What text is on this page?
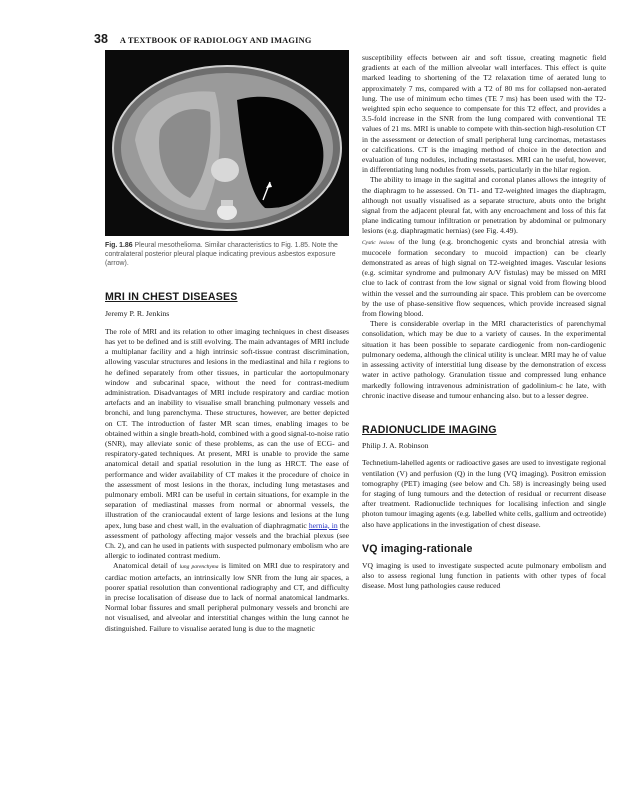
38 A TEXTBOOK OF RADIOLOGY AND IMAGING

Fig. 1.86 Pleural mesothelioma. Similar characteristics to Fig. 1.85. Note the contralateral posterior pleural plaque indicating previous asbestos exposure (arrow).

MRI IN CHEST DISEASES

Jeremy P. R. Jenkins

The role of MRI and its relation to other imaging techniques in chest diseases has yet to be defined and is still evolving. The main advantages of MRI include a multiplanar facility and a high intrinsic soft-tissue contrast discrimination, allowing vascular structures and lesions in the mediastinal and hila r regions to he defined separately from other tissues, in particular the aortopulmonary window and subcarinal space, without the need for contrast-medium administration. Disadvantages of MRI include respiratory and cardiac motion artefacts and an inability to visualise small branching pulmonary vessels and bronchi, and lung parenchyma. These structures, however, are better depicted on CT. The introduction of faster MR scan times, enabling images to be obtained within a single breath-hold, combined with a good signal-to-noise ratio (SNR), may alleviate sonic of these problems, as can the use of ECG- and respiratory-gated techniques. At present, MRI is unable to provide the same anatomical detail and spatial resolution in the lung as HRCT. The ease of performance and wider availability of CT makes it the procedure of choice in the assessment of most lesions in the thorax, including lung metastases and pulmonary emboli. MRI can be useful in certain situations, for example in the separation of mediastinal masses from normal or abnormal vessels, the illustration of the craniocaudal extent of large lesions and lesions at the lung apex, lung base and chest wall, in the evaluation of diaphragmatic hernia, in the assessment of pathology affecting major vessels and the brachial plexus (see Ch. 2), and can he used in patients with suspected pulmonary embolism who are allergic to iodinated contrast medium.

Anatomical detail of lung parenchyma is limited on MRI due to respiratory and cardiac motion artefacts, an intrinsically low SNR from the lung air spaces, a poorer spatial resolution than conventional radiography and CT, and difficulty in precise localisation of disease due to lack of normal anatomical landmarks. Normal lobar fissures and small peripheral pulmonary vessels and bronchi are not visualised, and alveolar and interstitial changes within the lung cannot he distinguished. Failure to visualise aerated lung is due to the magnetic

susceptibility effects between air and soft tissue, creating magnetic field gradients at each of the million alveolar wall interfaces. This effect is quite marked leading to shortening of the T2 relaxation time of aerated lung to approximately 7 ms, compared with a T2 of 80 ms for collapsed non-aerated lung. The use of minimum echo times (TE 7 ms) has been used with the T2-weighted spin echo sequence to compensate for this T2 effect, and provides a 3.5-fold increase in the SNR from the lung compared with conventional TE values of 21 ms. MRI is unable to compete with thin-section high-resolution CT in the assessment or detection of small peripheral lung carcinomas, metastases or calcifications. CT is the imaging method of choice in the detection and evaluation of lung nodules, including metastases. MRI can he useful, however, in differentiating lung nodules from vessels, particularly in the hilar region.

The ability to image in the sagittal and coronal planes allows the integrity of the diaphragm to he assessed. On T1- and T2-weighted images the diaphragm, although not usually visualised as a separate structure, abuts onto the bright signal from the adjacent pleural fat, with any encroachment and loss of this fat plane indicating tumour infiltration or penetration by abdominal or pulmonary lesions (e.g. diaphragmatic hernias) (see Fig. 4.49).

Cystic lesions of the lung (e.g. bronchogenic cysts and bronchial atresia with mucocele formation secondary to mucoid impaction) can be clearly demonstrated as areas of high signal on T2-weighted images. Vascular lesions (e.g. scimitar syndrome and pulmonary A/V fistulas) may be missed on MRI clue to lack of contrast from the low signal or signal void from flowing blood within the vessel and the surrounding air space. This problem can be overcome by the use of phase-sensitive flow sequences, which provide increased signal from flowing blood.

There is considerable overlap in the MRI characteristics of parenchymal consolidation, which may be due to a variety of causes. In the experimental situation it has been possible to separate cardiogenic from non-cardiogenic pulmonary oedema, although the clinical utility is unclear. MRI may he of value in assessing activity of interstitial lung disease by the demonstration of excess water in active pathology. Granulation tissue and compressed lung enhance markedly following intravenous administration of gadolinium-c he late, with chronic inactive disease and tumour enhancing also. but to a lesser degree.

RADIONUCLIDE IMAGING

Philip J. A. Robinson

Technetium-lahelled agents or radioactive gases are used to investigate regional ventilation (V) and perfusion (Q) in the lung (VQ imaging). Positron emission tomography (PET) imaging (see below and Ch. 58) is increasingly being used for staging of lung tumours and the detection of residual or recurrent disease after treatment. Radionuclide techniques for localising infection and single photon tumour imaging agents (e.g. labelled white cells, gallium and octreotide) also have applications in the investigation of chest disease.

VQ imaging-rationale

VQ imaging is used to investigate suspected acute pulmonary embolism and also to assess regional lung function in patients with other types of focal disease. Most lung pathologies cause reduced
